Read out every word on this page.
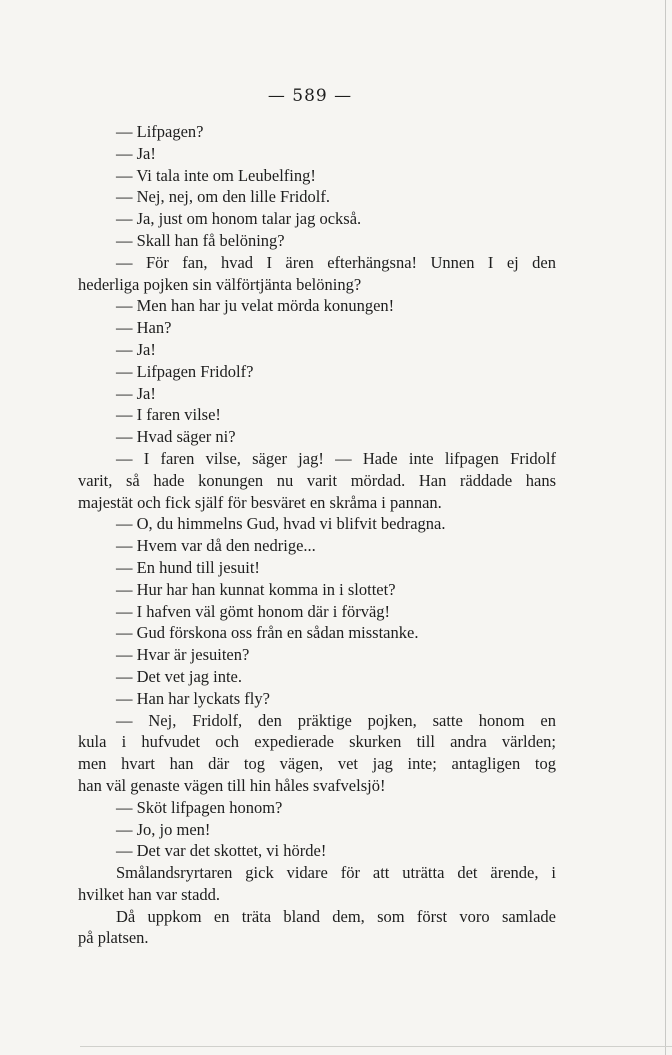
— 589 —
— Lifpagen?
— Ja!
— Vi tala inte om Leubelfing!
— Nej, nej, om den lille Fridolf.
— Ja, just om honom talar jag också.
— Skall han få belöning?
— För fan, hvad I ären efterhängsna! Unnen I ej den
hederliga pojken sin välförtjänta belöning?
— Men han har ju velat mörda konungen!
— Han?
— Ja!
— Lifpagen Fridolf?
— Ja!
— I faren vilse!
— Hvad säger ni?
— I faren vilse, säger jag! — Hade inte lifpagen Fridolf
varit, så hade konungen nu varit mördad. Han räddade hans
majestät och fick själf för besväret en skråma i pannan.
— O, du himmelns Gud, hvad vi blifvit bedragna.
— Hvem var då den nedrige...
— En hund till jesuit!
— Hur har han kunnat komma in i slottet?
— I hafven väl gömt honom där i förväg!
— Gud förskona oss från en sådan misstanke.
— Hvar är jesuiten?
— Det vet jag inte.
— Han har lyckats fly?
— Nej, Fridolf, den präktige pojken, satte honom en
kula i hufvudet och expedierade skurken till andra världen;
men hvart han där tog vägen, vet jag inte; antagligen tog
han väl genaste vägen till hin håles svafvelsjö!
— Sköt lifpagen honom?
— Jo, jo men!
— Det var det skottet, vi hörde!
Smålandsryrtaren gick vidare för att uträtta det ärende, i
hvilket han var stadd.
Då uppkom en träta bland dem, som först voro samlade
på platsen.
